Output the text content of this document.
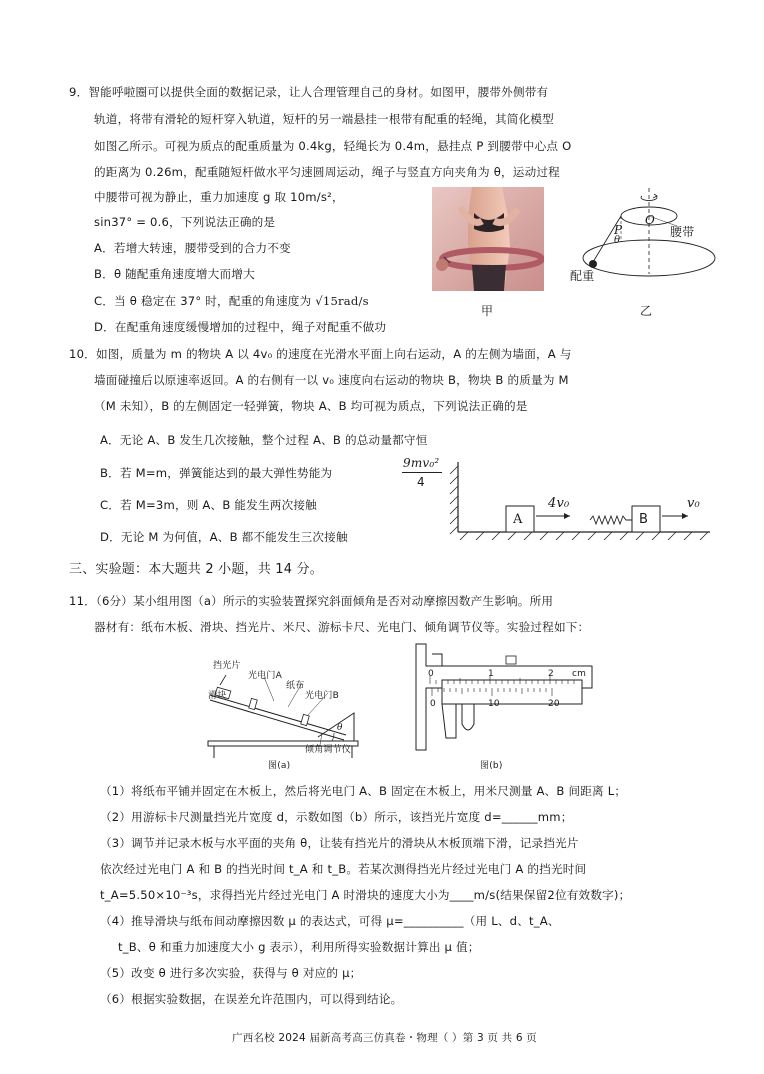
9．智能呼啦圈可以提供全面的数据记录，让人合理管理自己的身材。如图甲，腰带外侧带有
轨道，将带有滑轮的短杆穿入轨道，短杆的另一端悬挂一根带有配重的轻绳，其简化模型
如图乙所示。可视为质点的配重质量为 0.4kg，轻绳长为 0.4m，悬挂点 P 到腰带中心点 O
的距离为 0.26m，配重随短杆做水平匀速圆周运动，绳子与竖直方向夹角为 θ，运动过程
中腰带可视为静止，重力加速度 g 取 10m/s²，
sin37° = 0.6，下列说法正确的是
A．若增大转速，腰带受到的合力不变
B．θ 随配重角速度增大而增大
C．当 θ 稳定在 37° 时，配重的角速度为 √15rad/s
D．在配重角速度缓慢增加的过程中，绳子对配重不做功
甲
P
θ
O
腰带
配重
乙
10．如图，质量为 m 的物块 A 以 4v₀ 的速度在光滑水平面上向右运动，A 的左侧为墙面，A 与
墙面碰撞后以原速率返回。A 的右侧有一以 v₀ 速度向右运动的物块 B，物块 B 的质量为 M
（M 未知），B 的左侧固定一轻弹簧，物块 A、B 均可视为质点，下列说法正确的是
A．无论 A、B 发生几次接触，整个过程 A、B 的总动量都守恒
B．若 M=m，弹簧能达到的最大弹性势能为
9mv₀²
4
C．若 M=3m，则 A、B 能发生两次接触
D．无论 M 为何值，A、B 都不能发生三次接触
A	B
4v₀	v₀
三、实验题：本大题共 2 小题，共 14 分。
11．（6分）某小组用图（a）所示的实验装置探究斜面倾角是否对动摩擦因数产生影响。所用
器材有：纸布木板、滑块、挡光片、米尺、游标卡尺、光电门、倾角调节仪等。实验过程如下：
挡光片
光电门A
纸布
光电门B
滑块
θ
倾角调节仪
图(a)
0	1	2 cm
0	10	20
图(b)
（1）将纸布平铺并固定在木板上，然后将光电门 A、B 固定在木板上，用米尺测量 A、B 间距离 L；
（2）用游标卡尺测量挡光片宽度 d，示数如图（b）所示，该挡光片宽度 d=______mm；
（3）调节并记录木板与水平面的夹角 θ，让装有挡光片的滑块从木板顶端下滑，记录挡光片
依次经过光电门 A 和 B 的挡光时间 t_A 和 t_B。若某次测得挡光片经过光电门 A 的挡光时间
t_A=5.50×10⁻³s，求得挡光片经过光电门 A 时滑块的速度大小为____m/s(结果保留2位有效数字)；
（4）推导滑块与纸布间动摩擦因数 μ 的表达式，可得 μ=__________（用 L、d、t_A、
t_B、θ 和重力加速度大小 g 表示），利用所得实验数据计算出 μ 值；
（5）改变 θ 进行多次实验，获得与 θ 对应的 μ；
（6）根据实验数据，在误差允许范围内，可以得到结论。
广西名校 2024 届新高考高三仿真卷・物理（ ）第 3 页 共 6 页
